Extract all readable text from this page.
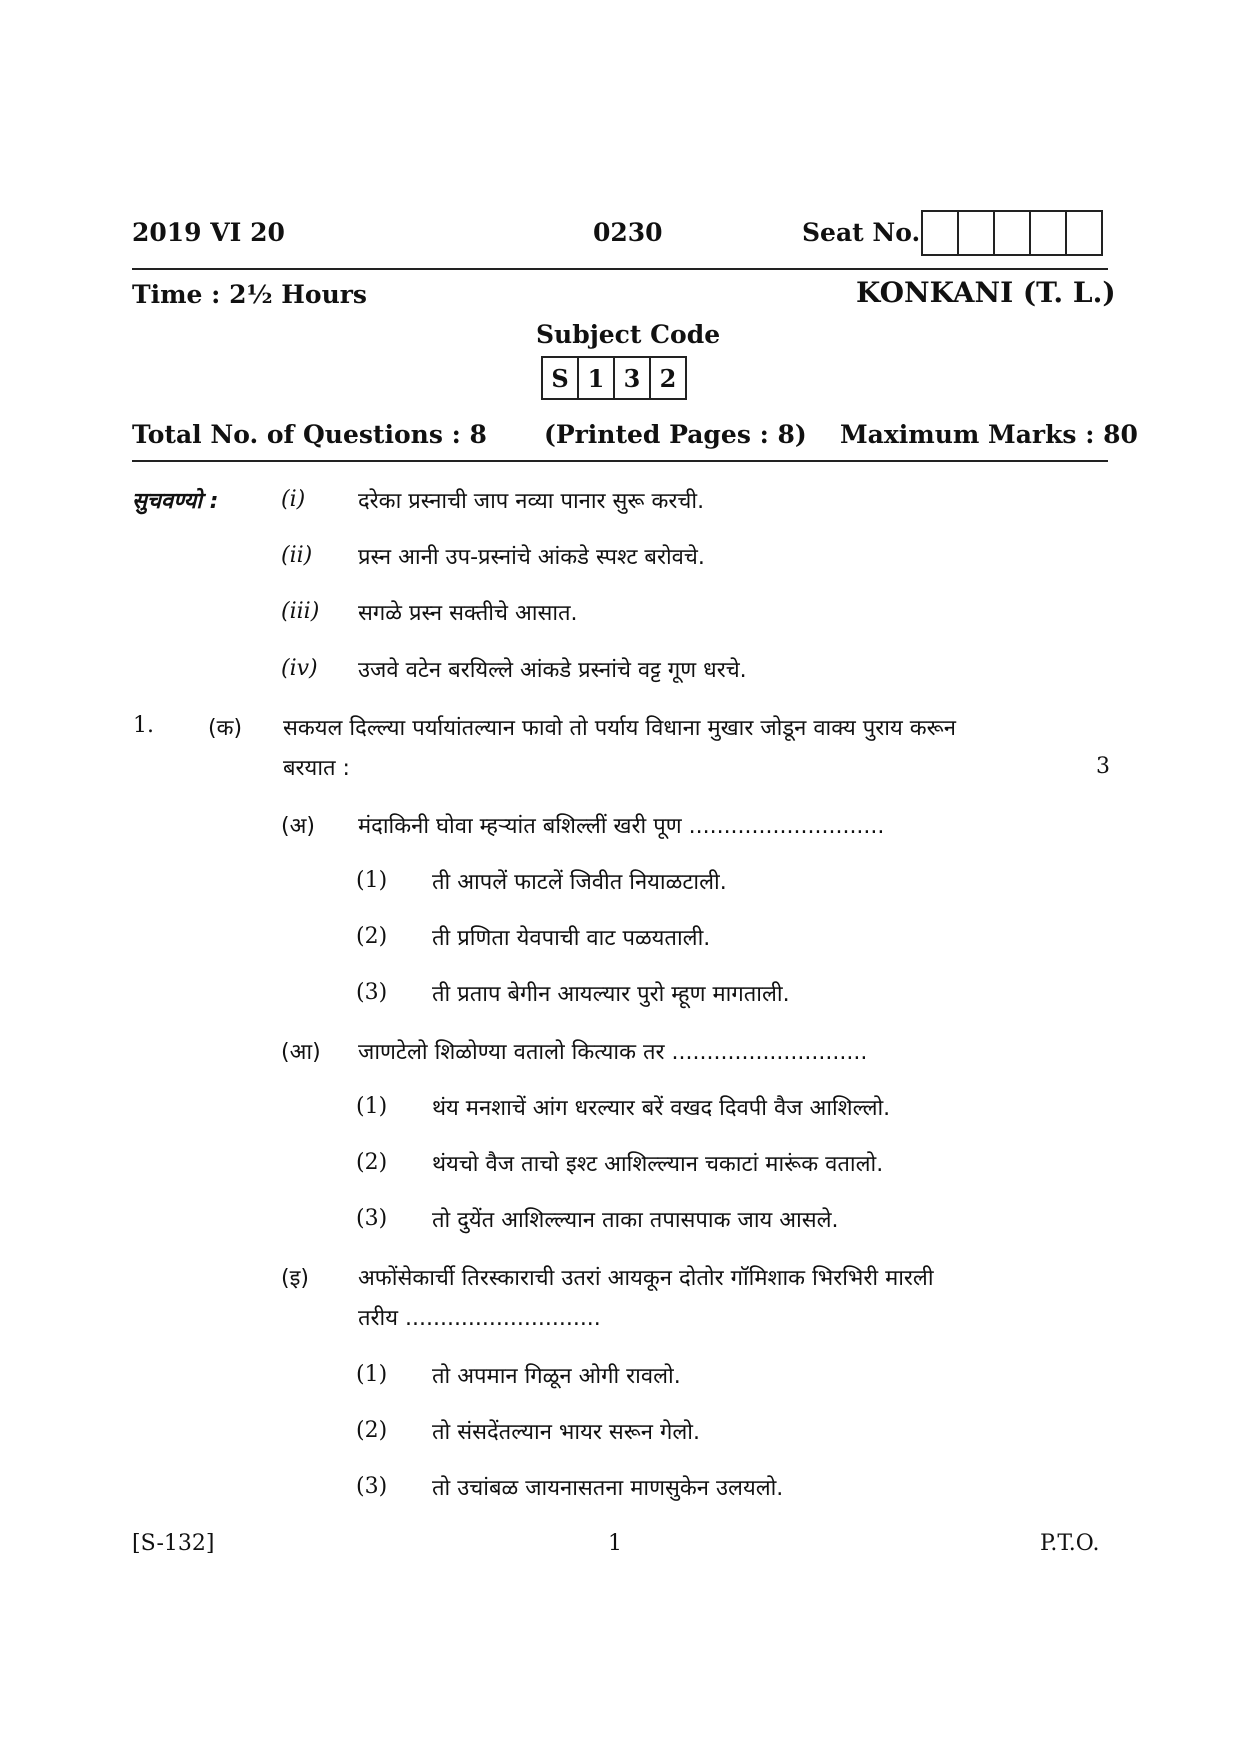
2019 VI 20	0230	Seat No.
Time : 2½ Hours	KONKANI (T. L.)
Subject Code
S 1 3 2
Total No. of Questions : 8 (Printed Pages : 8) Maximum Marks : 80
सुचवण्यो :	(i) दरेका प्रस्नाची जाप नव्या पानार सुरू करची.
(ii) प्रस्न आनी उप-प्रस्नांचे आंकडे स्पश्ट बरोवचे.
(iii) सगळे प्रस्न सक्तीचे आसात.
(iv) उजवे वटेन बरयिल्ले आंकडे प्रस्नांचे वट्ट गूण धरचे.
1. (क) सकयल दिल्ल्या पर्यायांतल्यान फावो तो पर्याय विधाना मुखार जोडून वाक्य पुराय करून
बरयात :	3
(अ) मंदाकिनी घोवा म्हऱ्यांत बशिल्लीं खरी पूण ............................
(1) ती आपलें फाटलें जिवीत नियाळटाली.
(2) ती प्रणिता येवपाची वाट पळयताली.
(3) ती प्रताप बेगीन आयल्यार पुरो म्हूण मागताली.
(आ) जाणटेलो शिळोण्या वतालो कित्याक तर ............................
(1) थंय मनशाचें आंग धरल्यार बरें वखद दिवपी वैज आशिल्लो.
(2) थंयचो वैज ताचो इश्ट आशिल्ल्यान चकाटां मारूंक वतालो.
(3) तो दुयेंत आशिल्ल्यान ताका तपासपाक जाय आसले.
(इ) अफोंसेकार्ची तिरस्काराची उतरां आयकून दोतोर गॉमिशाक भिरभिरी मारली
तरीय ............................
(1) तो अपमान गिळून ओगी रावलो.
(2) तो संसदेंतल्यान भायर सरून गेलो.
(3) तो उचांबळ जायनासतना माणसुकेन उलयलो.
[S-132]	1	P.T.O.
